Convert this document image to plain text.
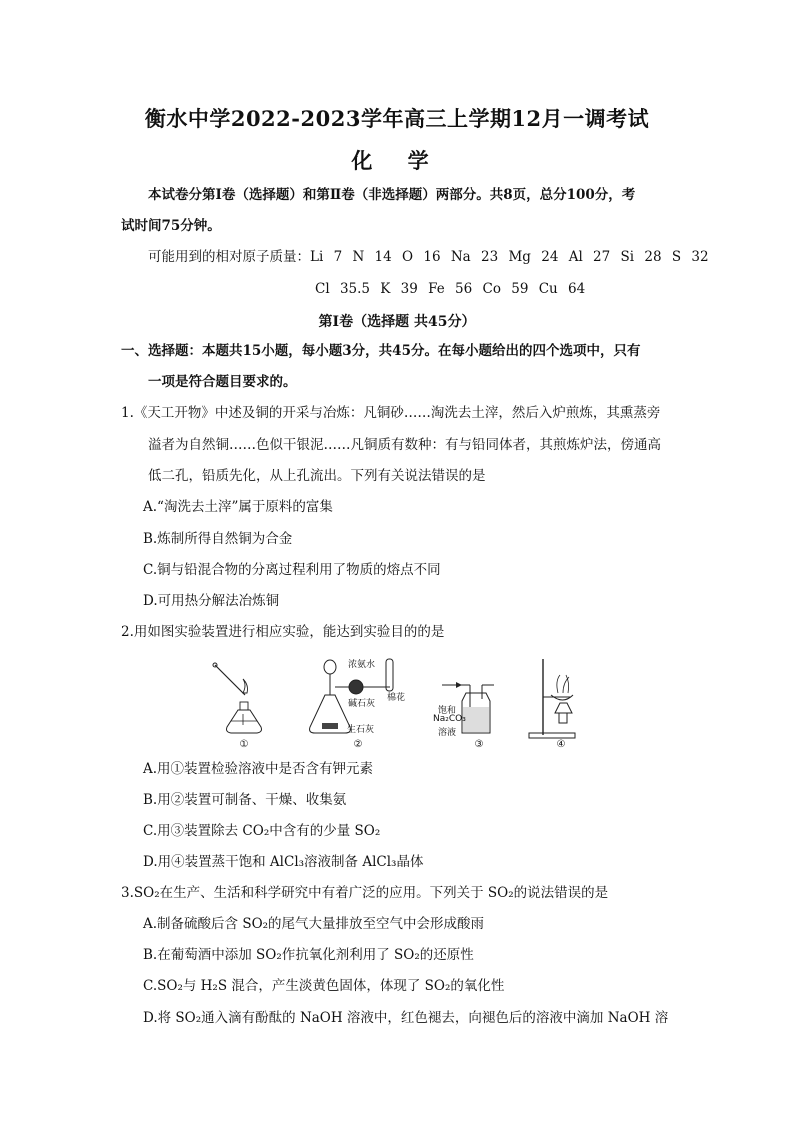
衡水中学2022-2023学年高三上学期12月一调考试
化 学
本试卷分第Ⅰ卷（选择题）和第Ⅱ卷（非选择题）两部分。共8页，总分100分，考
试时间75分钟。
可能用到的相对原子质量：Li 7 N 14 O 16 Na 23 Mg 24 Al 27 Si 28 S 32
Cl 35.5 K 39 Fe 56 Co 59 Cu 64
第Ⅰ卷（选择题 共45分）
一、选择题：本题共15小题，每小题3分，共45分。在每小题给出的四个选项中，只有
一项是符合题目要求的。
1.《天工开物》中述及铜的开采与冶炼：凡铜砂……淘洗去土滓，然后入炉煎炼，其熏蒸旁
溢者为自然铜……色似干银泥……凡铜质有数种：有与铅同体者，其煎炼炉法，傍通高
低二孔，铅质先化，从上孔流出。下列有关说法错误的是
A.“淘洗去土滓”属于原料的富集
B.炼制所得自然铜为合金
C.铜与铅混合物的分离过程利用了物质的熔点不同
D.可用热分解法冶炼铜
2.用如图实验装置进行相应实验，能达到实验目的的是
①
浓氨水
碱石灰
棉花
生石灰
②
饱和
Na₂CO₃
溶液
③	④
A.用①装置检验溶液中是否含有钾元素
B.用②装置可制备、干燥、收集氨
C.用③装置除去 CO₂中含有的少量 SO₂
D.用④装置蒸干饱和 AlCl₃溶液制备 AlCl₃晶体
3.SO₂在生产、生活和科学研究中有着广泛的应用。下列关于 SO₂的说法错误的是
A.制备硫酸后含 SO₂的尾气大量排放至空气中会形成酸雨
B.在葡萄酒中添加 SO₂作抗氧化剂利用了 SO₂的还原性
C.SO₂与 H₂S 混合，产生淡黄色固体，体现了 SO₂的氧化性
D.将 SO₂通入滴有酚酞的 NaOH 溶液中，红色褪去，向褪色后的溶液中滴加 NaOH 溶
